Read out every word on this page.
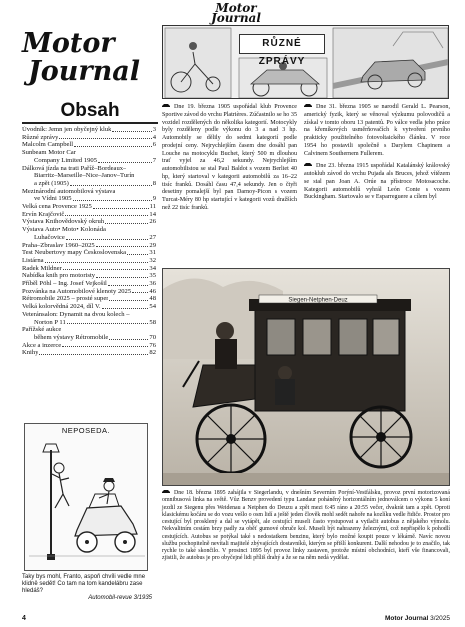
Motor
Journal
Motor
Journal
Obsah
Úvodník: Jemn jen obyčejný kluk	3
Různé zprávy	4
Malcolm Campbell	6
Sunbeam Motor Car
Company Limited 1905	7
Dálková jízda na trati Paříž–Bordeaux–
Biarritz–Marseille–Nice–Janov–Turín
a zpět (1905)	8
Mezinárodní automobilová výstava
ve Vídni 1905	9
Velká cena Provence 1925	11
Ervín Krajčovič	14
Výstava Knihovědovský okruh	26
Výstava Auto• Moto• Kolonáda
Luhačovice	27
Praha–Zbraslav 1960–2025	29
Test Neubertovy mapy Československa	31
Listárna	32
Radek Mildner	34
Nabídka knih pro motoristy	35
Příběl Pöhl – Ing. Josef Vejkošil	36
Pozvánka na Automobilové klenoty 2025	46
Rétromobile 2025 – prosté super	48
Velká kolorvědná 2024, díl V.	54
Veteránsalon: Dynamit na dvou kolech –
Norton P 11	58
Pařížské aukce
během výstavy Rétromobile	70
Akce a inzerce	76
Knihy	82
NEPOSEDA.
Taky bys mohl, Franto, aspoň chvíli vedle mne klidně sedět! Co tam na tom kandelábru zase hledáš?
Automobil-revue 3/1935
RŮZNÉ ZPRÁVY
Dne 19. března 1905 uspořádal klub Provence Sportive závod do vrchu Platrières. Zúčastnilo se ho 35 vozidel rozdělených do několika kategorií. Motocykly byly rozděleny podle výkonu do 3 a nad 3 hp. Automobily se dělily do sedmi kategorií podle prodejní ceny. Nejrychlejším časem dne dosáhl pan Louche na motocyklu Buchet, který 500 m dlouhou trať vyjel za 46,2 sekundy. Nejrychlejším automobilistou se stal Paul Baldot s vozem Berliet 40 hp, který startoval v kategorii automobilů za 16–22 tisíc franků. Dosáhl času 47,4 sekundy. Jen o čtyři desetiny pomalejší byl pan Darnoy-Picon s vozem Turcat-Méry 80 hp startující v kategorii vozů dražších než 22 tisíc franků.
Dne 31. března 1905 se narodil Gerald L. Pearson, americký fyzik, který se věnoval výzkumu polovodičů a získal v tomto oboru 13 patentů. Po válce vedla jeho práce na křemíkových usměrňovačích k vytvoření prvního prakticky použitelného fotovoltaického článku. V roce 1954 ho postavili společně s Darylem Chapinem a Calvinem Southernem Fullerem.
Dne 23. března 1915 uspořádal Katalánský královský autoklub závod do vrchu Pujada als Bruces, jehož vítězem se stal pan Joan A. Orúe na přístroce Motosacoche. Kategorii automobilů vyhrál León Conte s vozem Buckingham. Startovalo se v Esparreguere a cílem byl
Siegen-Netphen-Deuz
Dne 18. března 1895 zahájila v Siegerlandu, v dnešním Severním Porýní-Vestfálsku, provoz první motorizovaná omnibusová linka na světě. Vůz Benzv provedení typu Landaur poháněný horizontálním jednoválcem o výkonu 5 koní jezdil ze Siegenu přes Weidenau a Netphen do Deuzu a zpět mezi 6:45 ráno a 20:55 večer, dvakrát tam a zpět. Oproti klasickému kočáru se do vozu vešlo o osm lidí a ještě jeden člověk mohl sedět nahoře na kozlíku vedle řidiče. Prostor pro cestující byl prosklený a dal se vytápět, ale cestující museli často vystupovat a vytlačit autobus z nějakého výmolu. Nekvalitním cestám brzy padly za oběť gumové obruče kol. Museli být nahrazeny železnými, což nepřispělo k pohodlí cestujících. Autobus se potýkal také s nedostatkem benzinu, který bylo možné koupit pouze v lékárně. Navíc novou službu pochopitelně nevítali majitelé zbývajících dostavníků, kterým se přišlí konkurent. Další nehodou je to značilo, tak rychle to také skončilo. V prosinci 1895 byl provoz linky zastaven, protože místní obchodníci, kteří vše financovali, zjistili, že autobus je pro obyčejné lidi příliš drahý a že se na něm nedá vydělat.
4	Motor Journal 3/2025
